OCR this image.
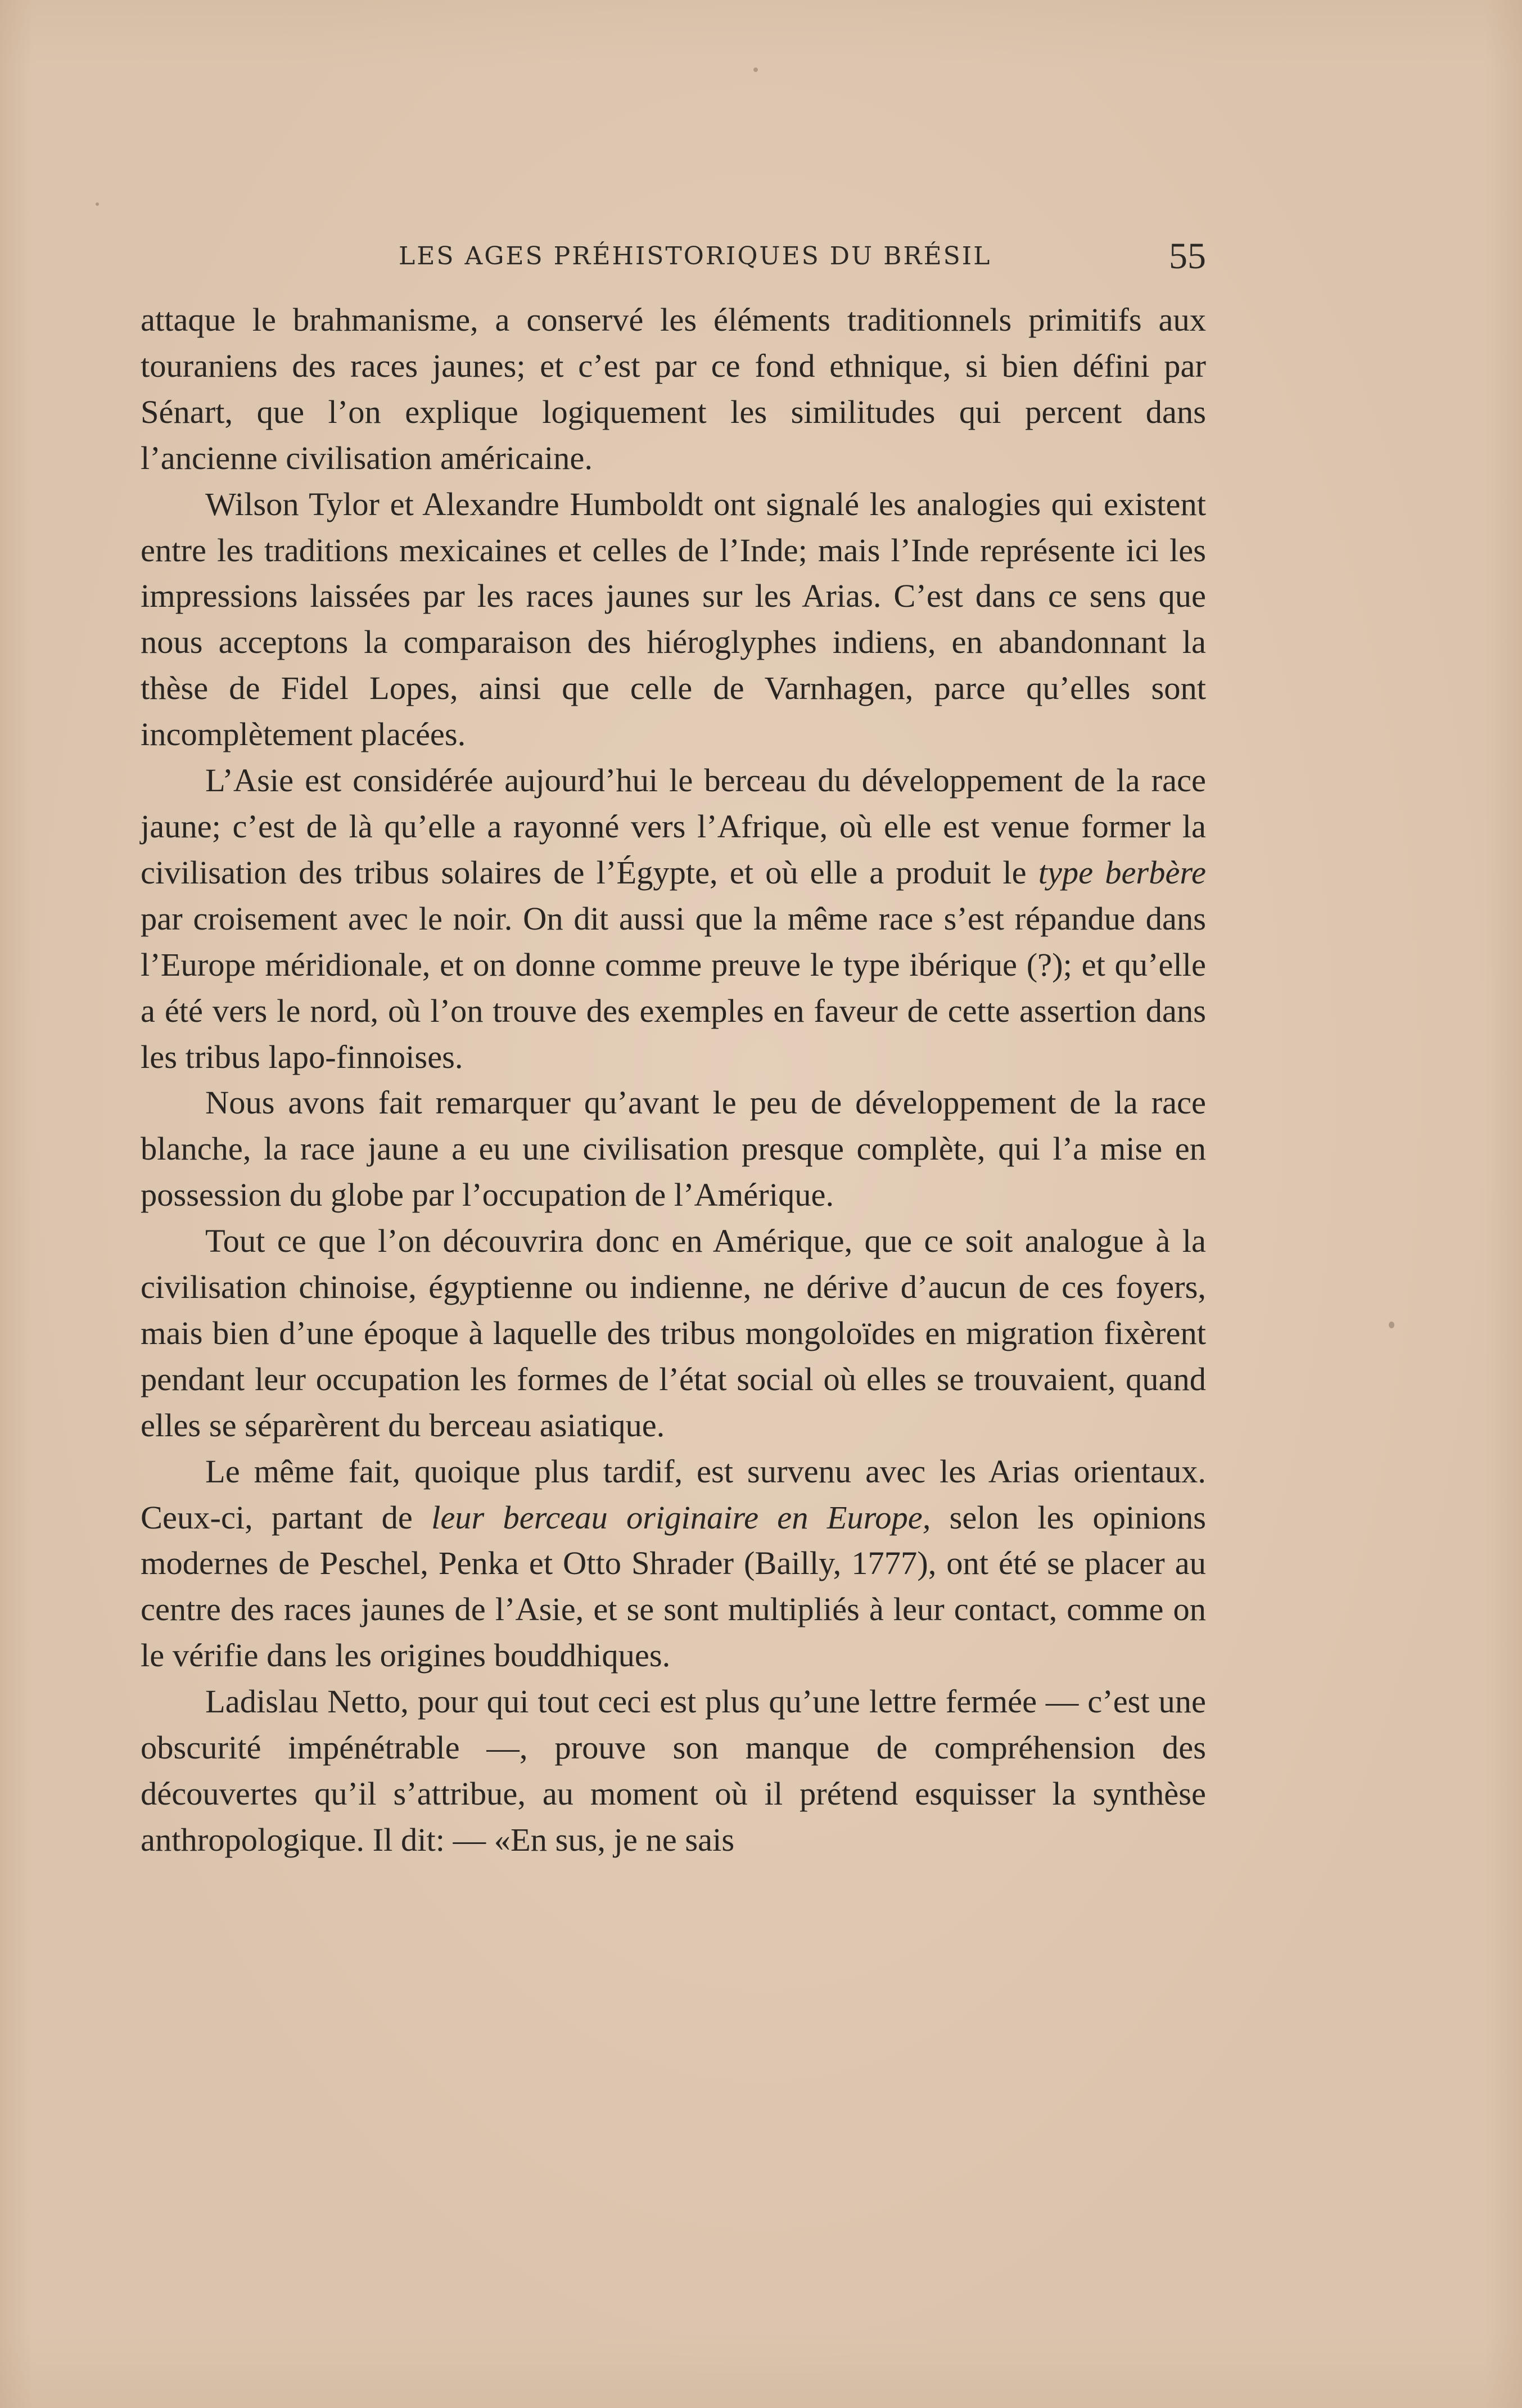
LES AGES PRÉHISTORIQUES DU BRÉSIL	55

attaque le brahmanisme, a conservé les éléments traditionnels primitifs aux touraniens des races jaunes; et c’est par ce fond ethnique, si bien défini par Sénart, que l’on explique logiquement les similitudes qui percent dans l’ancienne civilisation américaine.

Wilson Tylor et Alexandre Humboldt ont signalé les analogies qui existent entre les traditions mexicaines et celles de l’Inde; mais l’Inde représente ici les impressions laissées par les races jaunes sur les Arias. C’est dans ce sens que nous acceptons la comparaison des hiéroglyphes indiens, en abandonnant la thèse de Fidel Lopes, ainsi que celle de Varnhagen, parce qu’elles sont incomplètement placées.

L’Asie est considérée aujourd’hui le berceau du développement de la race jaune; c’est de là qu’elle a rayonné vers l’Afrique, où elle est venue former la civilisation des tribus solaires de l’Égypte, et où elle a produit le type berbère par croisement avec le noir. On dit aussi que la même race s’est répandue dans l’Europe méridionale, et on donne comme preuve le type ibérique (?); et qu’elle a été vers le nord, où l’on trouve des exemples en faveur de cette assertion dans les tribus lapo-finnoises.

Nous avons fait remarquer qu’avant le peu de développement de la race blanche, la race jaune a eu une civilisation presque complète, qui l’a mise en possession du globe par l’occupation de l’Amérique.

Tout ce que l’on découvrira donc en Amérique, que ce soit analogue à la civilisation chinoise, égyptienne ou indienne, ne dérive d’aucun de ces foyers, mais bien d’une époque à laquelle des tribus mongoloïdes en migration fixèrent pendant leur occupation les formes de l’état social où elles se trouvaient, quand elles se séparèrent du berceau asiatique.

Le même fait, quoique plus tardif, est survenu avec les Arias orientaux. Ceux-ci, partant de leur berceau originaire en Europe, selon les opinions modernes de Peschel, Penka et Otto Shrader (Bailly, 1777), ont été se placer au centre des races jaunes de l’Asie, et se sont multipliés à leur contact, comme on le vérifie dans les origines bouddhiques.

Ladislau Netto, pour qui tout ceci est plus qu’une lettre fermée — c’est une obscurité impénétrable —, prouve son manque de compréhension des découvertes qu’il s’attribue, au moment où il prétend esquisser la synthèse anthropologique. Il dit: — «En sus, je ne sais
